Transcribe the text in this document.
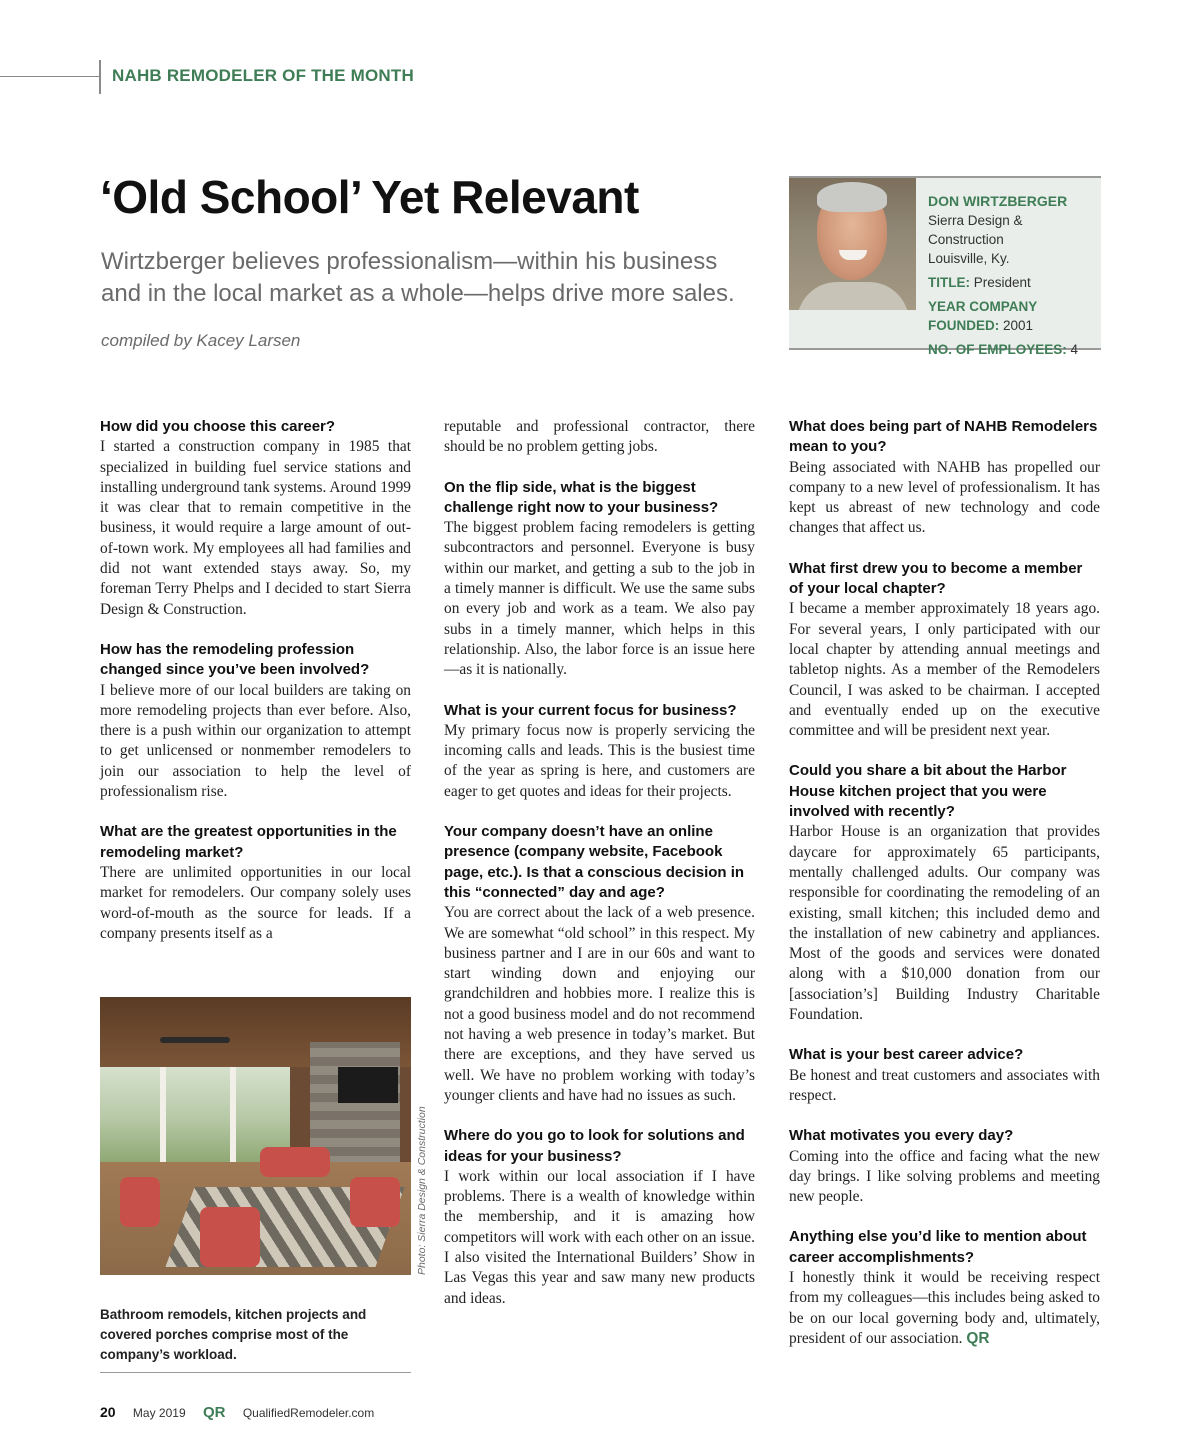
NAHB REMODELER OF THE MONTH
‘Old School’ Yet Relevant
Wirtzberger believes professionalism—within his business and in the local market as a whole—helps drive more sales.
compiled by Kacey Larsen
DON WIRTZBERGER
Sierra Design & Construction
Louisville, Ky.
TITLE: President
YEAR COMPANY FOUNDED: 2001
NO. OF EMPLOYEES: 4
How did you choose this career?

I started a construction company in 1985 that specialized in building fuel service stations and installing underground tank systems. Around 1999 it was clear that to remain competitive in the business, it would require a large amount of out-of-town work. My employees all had families and did not want extended stays away. So, my foreman Terry Phelps and I decided to start Sierra Design & Construction.

How has the remodeling profession changed since you’ve been involved?

I believe more of our local builders are taking on more remodeling projects than ever before. Also, there is a push within our organization to attempt to get unlicensed or nonmember remodelers to join our association to help the level of professionalism rise.

What are the greatest opportunities in the remodeling market?

There are unlimited opportunities in our local market for remodelers. Our company solely uses word-of-mouth as the source for leads. If a company presents itself as a

Photo: Sierra Design & Construction
Bathroom remodels, kitchen projects and covered porches comprise most of the company’s workload.

reputable and professional contractor, there should be no problem getting jobs.

On the flip side, what is the biggest challenge right now to your business?

The biggest problem facing remodelers is getting subcontractors and personnel. Everyone is busy within our market, and getting a sub to the job in a timely manner is difficult. We use the same subs on every job and work as a team. We also pay subs in a timely manner, which helps in this relationship. Also, the labor force is an issue here—as it is nationally.

What is your current focus for business?

My primary focus now is properly servicing the incoming calls and leads. This is the busiest time of the year as spring is here, and customers are eager to get quotes and ideas for their projects.

Your company doesn’t have an online presence (company website, Facebook page, etc.). Is that a conscious decision in this “connected” day and age?

You are correct about the lack of a web presence. We are somewhat “old school” in this respect. My business partner and I are in our 60s and want to start winding down and enjoying our grandchildren and hobbies more. I realize this is not a good business model and do not recommend not having a web presence in today’s market. But there are exceptions, and they have served us well. We have no problem working with today’s younger clients and have had no issues as such.

Where do you go to look for solutions and ideas for your business?

I work within our local association if I have problems. There is a wealth of knowledge within the membership, and it is amazing how competitors will work with each other on an issue. I also visited the International Builders’ Show in Las Vegas this year and saw many new products and ideas.

What does being part of NAHB Remodelers mean to you?

Being associated with NAHB has propelled our company to a new level of professionalism. It has kept us abreast of new technology and code changes that affect us.

What first drew you to become a member of your local chapter?

I became a member approximately 18 years ago. For several years, I only participated with our local chapter by attending annual meetings and tabletop nights. As a member of the Remodelers Council, I was asked to be chairman. I accepted and eventually ended up on the executive committee and will be president next year.

Could you share a bit about the Harbor House kitchen project that you were involved with recently?

Harbor House is an organization that provides daycare for approximately 65 participants, mentally challenged adults. Our company was responsible for coordinating the remodeling of an existing, small kitchen; this included demo and the installation of new cabinetry and appliances. Most of the goods and services were donated along with a $10,000 donation from our [association’s] Building Industry Charitable Foundation.

What is your best career advice?

Be honest and treat customers and associates with respect.

What motivates you every day?

Coming into the office and facing what the new day brings. I like solving problems and meeting new people.

Anything else you’d like to mention about career accomplishments?

I honestly think it would be receiving respect from my colleagues—this includes being asked to be on our local governing body and, ultimately, president of our association. QR

20 May 2019 QR QualifiedRemodeler.com
